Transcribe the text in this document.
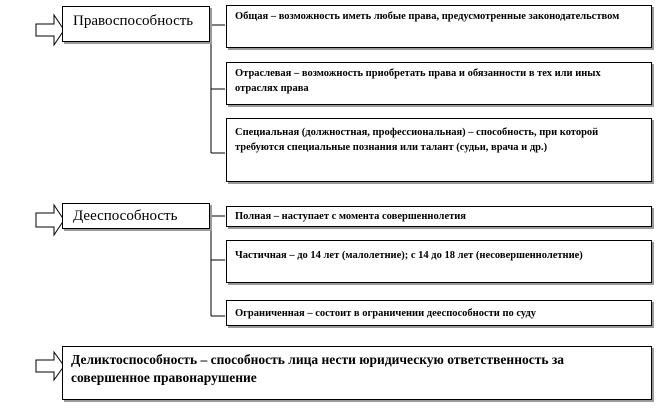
Правоспособность	Общая – возможность иметь любые права, предусмотренные законодательством
Отраслевая – возможность приобретать права и обязанности в тех или иных отраслях права
Специальная (должностная, профессиональная) – способность, при которой требуются специальные познания или талант (судьи, врача и др.)
Дееспособность	Полная – наступает с момента совершеннолетия
Частичная – до 14 лет (малолетние); с 14 до 18 лет (несовершеннолетние)
Ограниченная – состоит в ограничении дееспособности по суду
Деликтоспособность – способность лица нести юридическую ответственность за совершенное правонарушение
